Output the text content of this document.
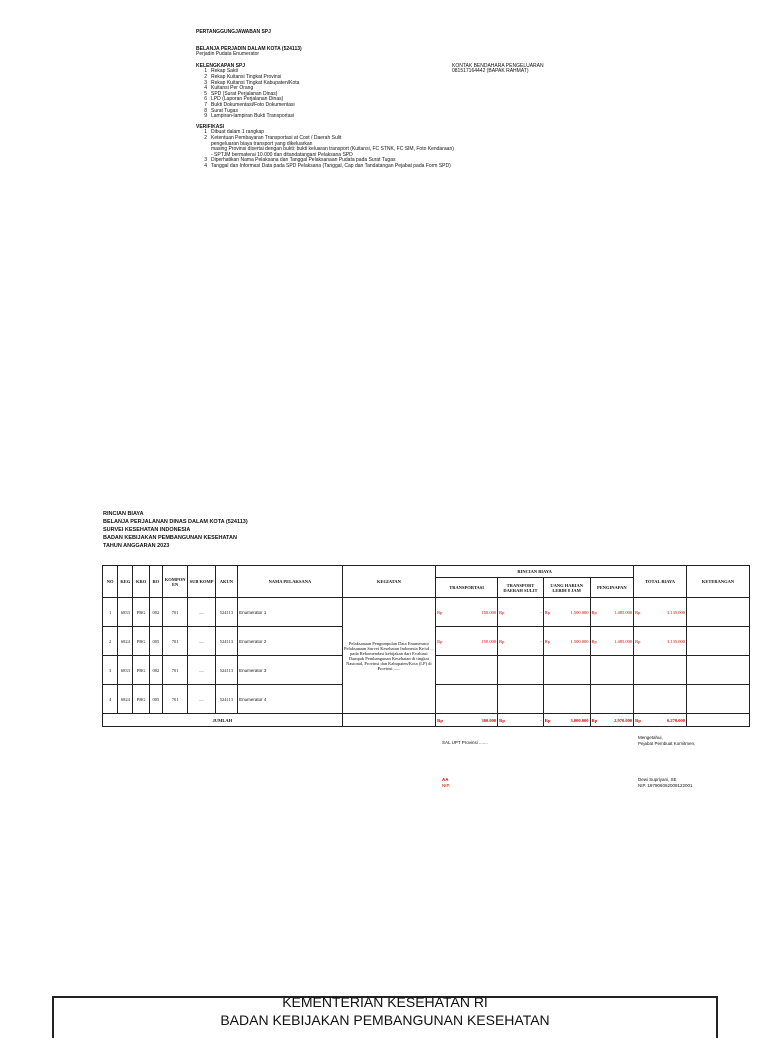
PERTANGGUNGJAWABAN SPJ
BELANJA PERJADIN DALAM KOTA (524113)
Perjadin Pudata Enumerator
KELENGKAPAN SPJ	KONTAK BENDAHARA PENGELUARAN
081517164442 (BAPAK RAHMAT)
1 Rekap Sakti
2 Rekap Kuitansi Tingkat Provinsi
3 Rekap Kuitansi Tingkat Kabupaten/Kota
4 Kuitansi Per Orang
5 SPD (Surat Perjalanan Dinas)
6 LPD (Laporan Perjalanan Dinas)
7 Bukti Dokumentasi/Foto Dokumentasi
8 Surat Tugas
9 Lampiran-lampiran Bukti Transportasi
VERIFIKASI
1 Dibuat dalam 1 rangkap
2 Ketentuan Pembayaran Transportasi at Cost / Daerah Sulit
pengeluaran biaya transport yang dikeluarkan
masing Provinsi disertai dengan bukti: bukti keluaran transport (Kuitansi, FC STNK, FC SIM, Foto Kendaraan)
- SPTJM bermaterai 10.000 dan ditandatangani Pelaksana SPD
3 Diperhatikan Nama Pelaksana dan Tanggal Pelaksanaan Pudata pada Surat Tugas
4 Tanggal dan Informasi Data pada SPD Pelaksana (Tanggal, Cap dan Tandatangan Pejabat pada Form SPD)
RINCIAN BIAYA
BELANJA PERJALANAN DINAS DALAM KOTA (524113)
SURVEI KESEHATAN INDONESIA
BADAN KEBIJAKAN PEMBANGUNAN KESEHATAN
TAHUN ANGGARAN 2023
NO	KEG	KRO	RO	KOMPON EN	SUB KOMP	AKUN	NAMA PELAKSANA	KEGIATAN	RINCIAN BIAYA				TOTAL BIAYA	KETERANGAN
									TRANSPORTASI	TRANSPORT DAERAH SULIT	UANG HARIAN LEBIH 8 JAM	PENGINAPAN		
1	6833	PBG	002	701	.....	524113	Enumerator 1	Pelaksanaan Pengumpulan Data Enumerator Pelaksanaan Survei Kesehatan Indonesia Ke/sd ... pada Rekomendasi kebijakan dari Evaluasi Dampak Pembangunan Kesehatan di tingkat Nasional, Provinsi dan Kabupaten/Kota (LP) di Provinsi ......	Rp 150.000	Rp -	Rp 1.500.000	Rp 1.485.000	Rp 3.135.000	

2	6824	PBG	005	701	.....	524113	Enumerator 2		Rp 150.000	Rp -	Rp 1.500.000	Rp 1.485.000	Rp 3.135.000	

3	6833	PBG	002	701	.....	524113	Enumerator 3							
4	6824	PBG	005	701	.....	524113	Enumerator 4							
JUMLAH									Rp 300.000	Rp -	Rp 3.000.000	Rp 2.970.000	Rp 6.270.000	

SAL UPT Provinsi .......
AA
NIP.
Mengetahui,
Pejabat Pembuat Komitmen,
Dewi Supriyani, SE
NIP. 197906062009122001
KEMENTERIAN KESEHATAN RI
BADAN KEBIJAKAN PEMBANGUNAN KESEHATAN
